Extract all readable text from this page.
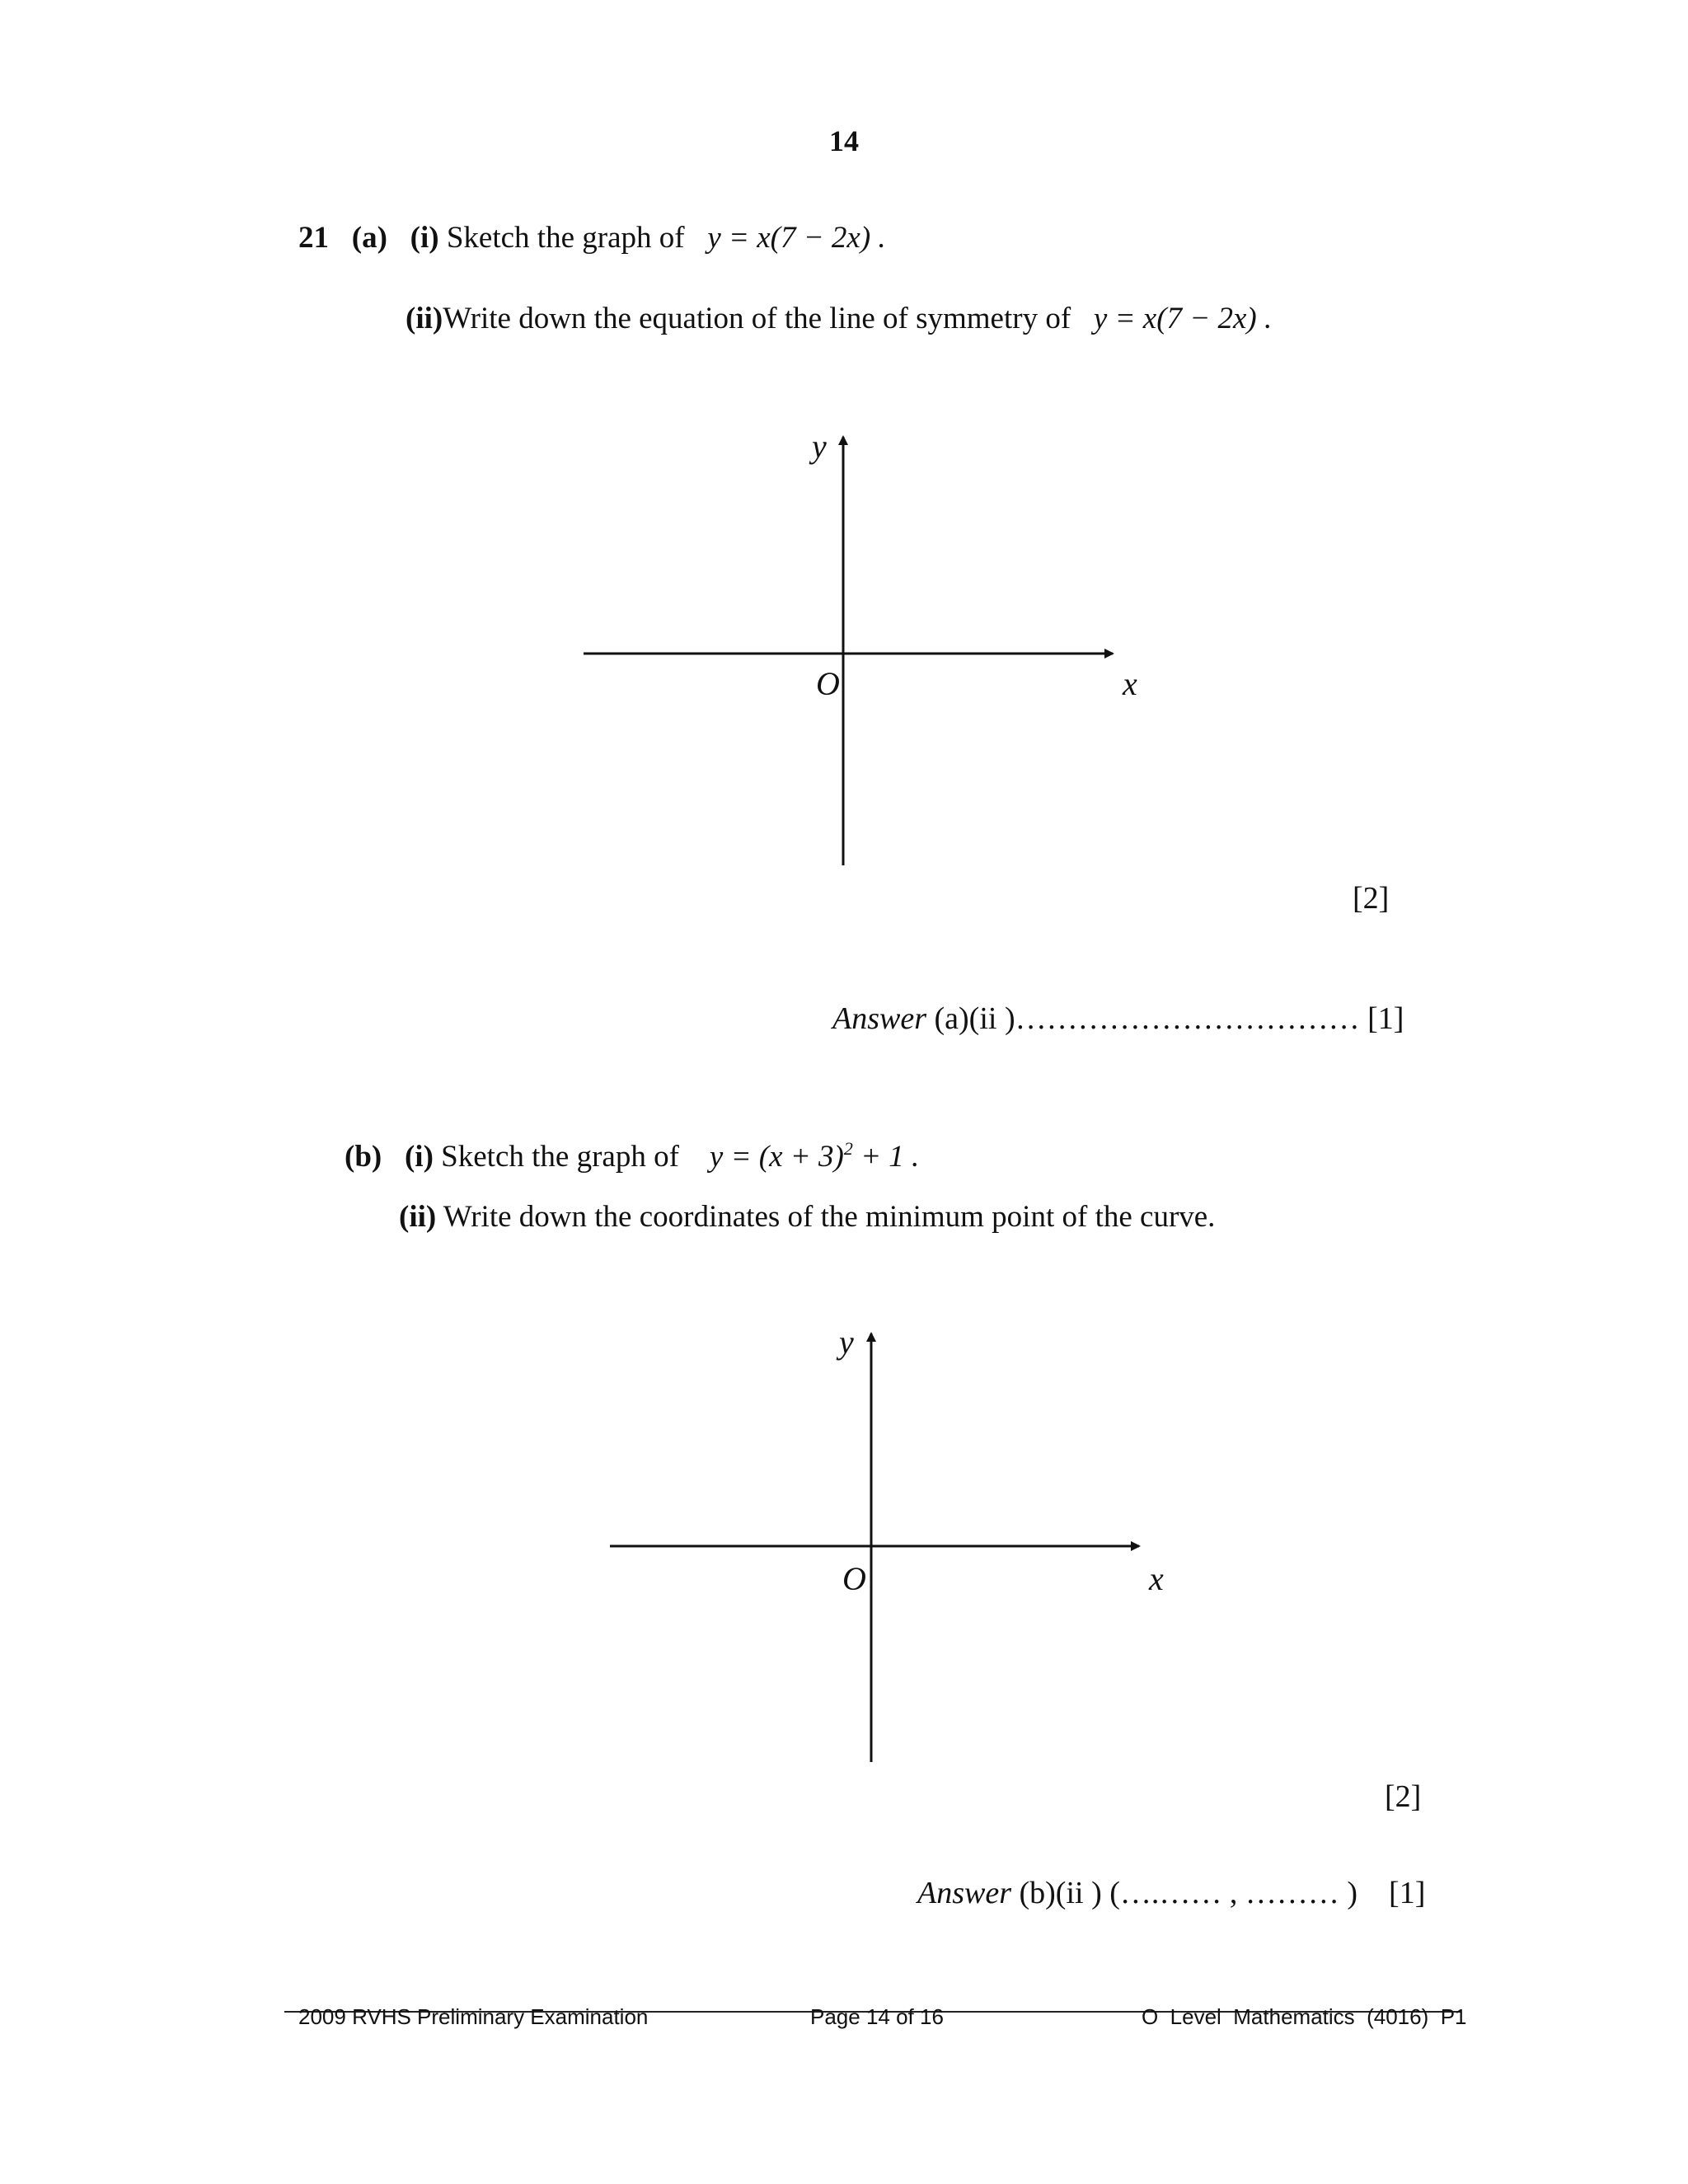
14
21 (a) (i) Sketch the graph of y = x(7 − 2x) .
(ii)Write down the equation of the line of symmetry of y = x(7 − 2x) .
y
O	x
[2]
Answer (a)(ii )…………………………… [1]
(b) (i) Sketch the graph of $y = (x + 3)^2 + 1$ .
(ii) Write down the coordinates of the minimum point of the curve.
y
O	x
[2]
Answer (b)(ii ) (….…… , ……… ) [1]
2009 RVHS Preliminary Examination	Page 14 of 16	O  Level  Mathematics  (4016)  P1
